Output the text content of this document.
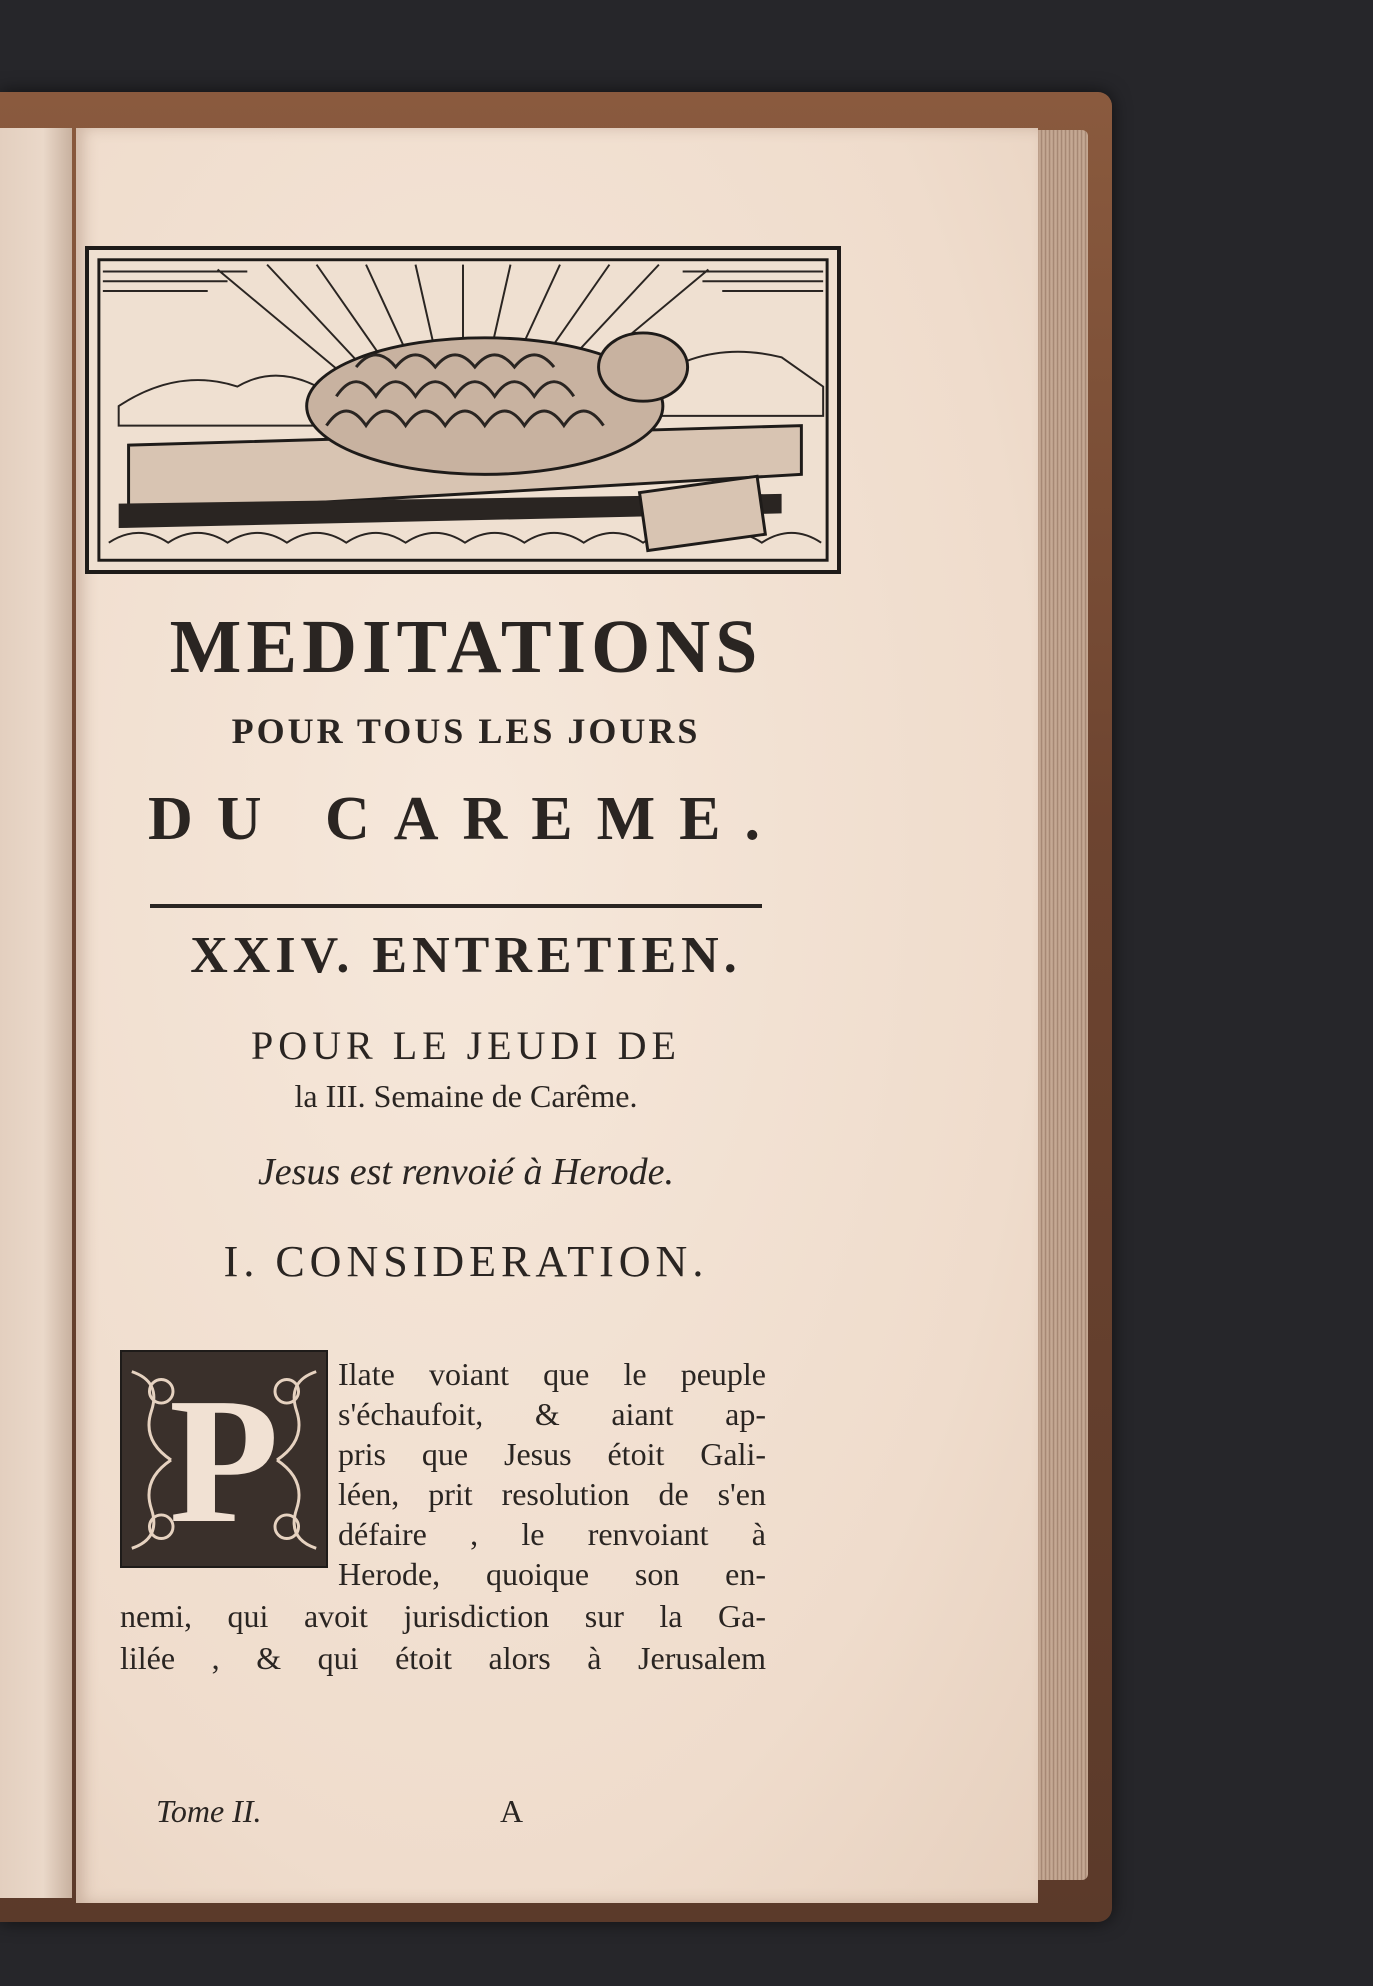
MEDITATIONS
POUR TOUS LES JOURS
DU CAREME.
XXIV. ENTRETIEN.
POUR LE JEUDI DE
la III. Semaine de Carême.
Jesus est renvoié à Herode.
I. CONSIDERATION.
P	Ilate voiant que le peuple
s'échaufoit, & aiant ap-
pris que Jesus étoit Gali-
léen, prit resolution de s'en
défaire , le renvoiant à
Herode, quoique son en-
nemi, qui avoit jurisdiction sur la Ga-
lilée , & qui étoit alors à Jerusalem
Tome II.	A
